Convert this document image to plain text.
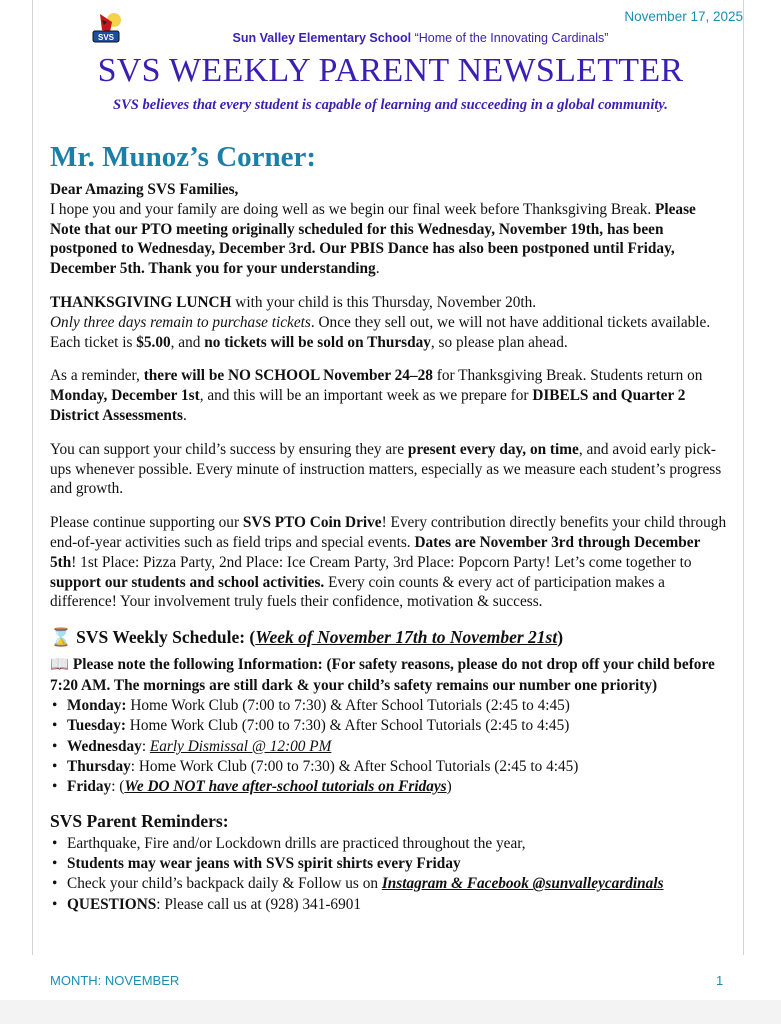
November 17, 2025
SVS	Sun Valley Elementary School “Home of the Innovating Cardinals”
SVS WEEKLY PARENT NEWSLETTER
SVS believes that every student is capable of learning and succeeding in a global community.
Mr. Munoz’s Corner:

Dear Amazing SVS Families,
I hope you and your family are doing well as we begin our final week before Thanksgiving Break. Please Note that our PTO meeting originally scheduled for this Wednesday, November 19th, has been postponed to Wednesday, December 3rd. Our PBIS Dance has also been postponed until Friday, December 5th. Thank you for your understanding.

THANKSGIVING LUNCH with your child is this Thursday, November 20th.
Only three days remain to purchase tickets. Once they sell out, we will not have additional tickets available. Each ticket is $5.00, and no tickets will be sold on Thursday, so please plan ahead.

As a reminder, there will be NO SCHOOL November 24–28 for Thanksgiving Break. Students return on Monday, December 1st, and this will be an important week as we prepare for DIBELS and Quarter 2 District Assessments.

You can support your child’s success by ensuring they are present every day, on time, and avoid early pick-ups whenever possible. Every minute of instruction matters, especially as we measure each student’s progress and growth.

Please continue supporting our SVS PTO Coin Drive! Every contribution directly benefits your child through end-of-year activities such as field trips and special events. Dates are November 3rd through December 5th! 1st Place: Pizza Party, 2nd Place: Ice Cream Party, 3rd Place: Popcorn Party! Let’s come together to support our students and school activities. Every coin counts & every act of participation makes a difference! Your involvement truly fuels their confidence, motivation & success.

⌛ SVS Weekly Schedule: (Week of November 17th to November 21st)
📖 Please note the following Information: (For safety reasons, please do not drop off your child before 7:20 AM. The mornings are still dark & your child’s safety remains our number one priority)
• Monday: Home Work Club (7:00 to 7:30) & After School Tutorials (2:45 to 4:45)
• Tuesday: Home Work Club (7:00 to 7:30) & After School Tutorials (2:45 to 4:45)
• Wednesday: Early Dismissal @ 12:00 PM
• Thursday: Home Work Club (7:00 to 7:30) & After School Tutorials (2:45 to 4:45)
• Friday: (We DO NOT have after-school tutorials on Fridays)
SVS Parent Reminders:
• Earthquake, Fire and/or Lockdown drills are practiced throughout the year,
• Students may wear jeans with SVS spirit shirts every Friday
• Check your child’s backpack daily & Follow us on Instagram & Facebook @sunvalleycardinals
• QUESTIONS: Please call us at (928) 341-6901
MONTH: NOVEMBER	1
